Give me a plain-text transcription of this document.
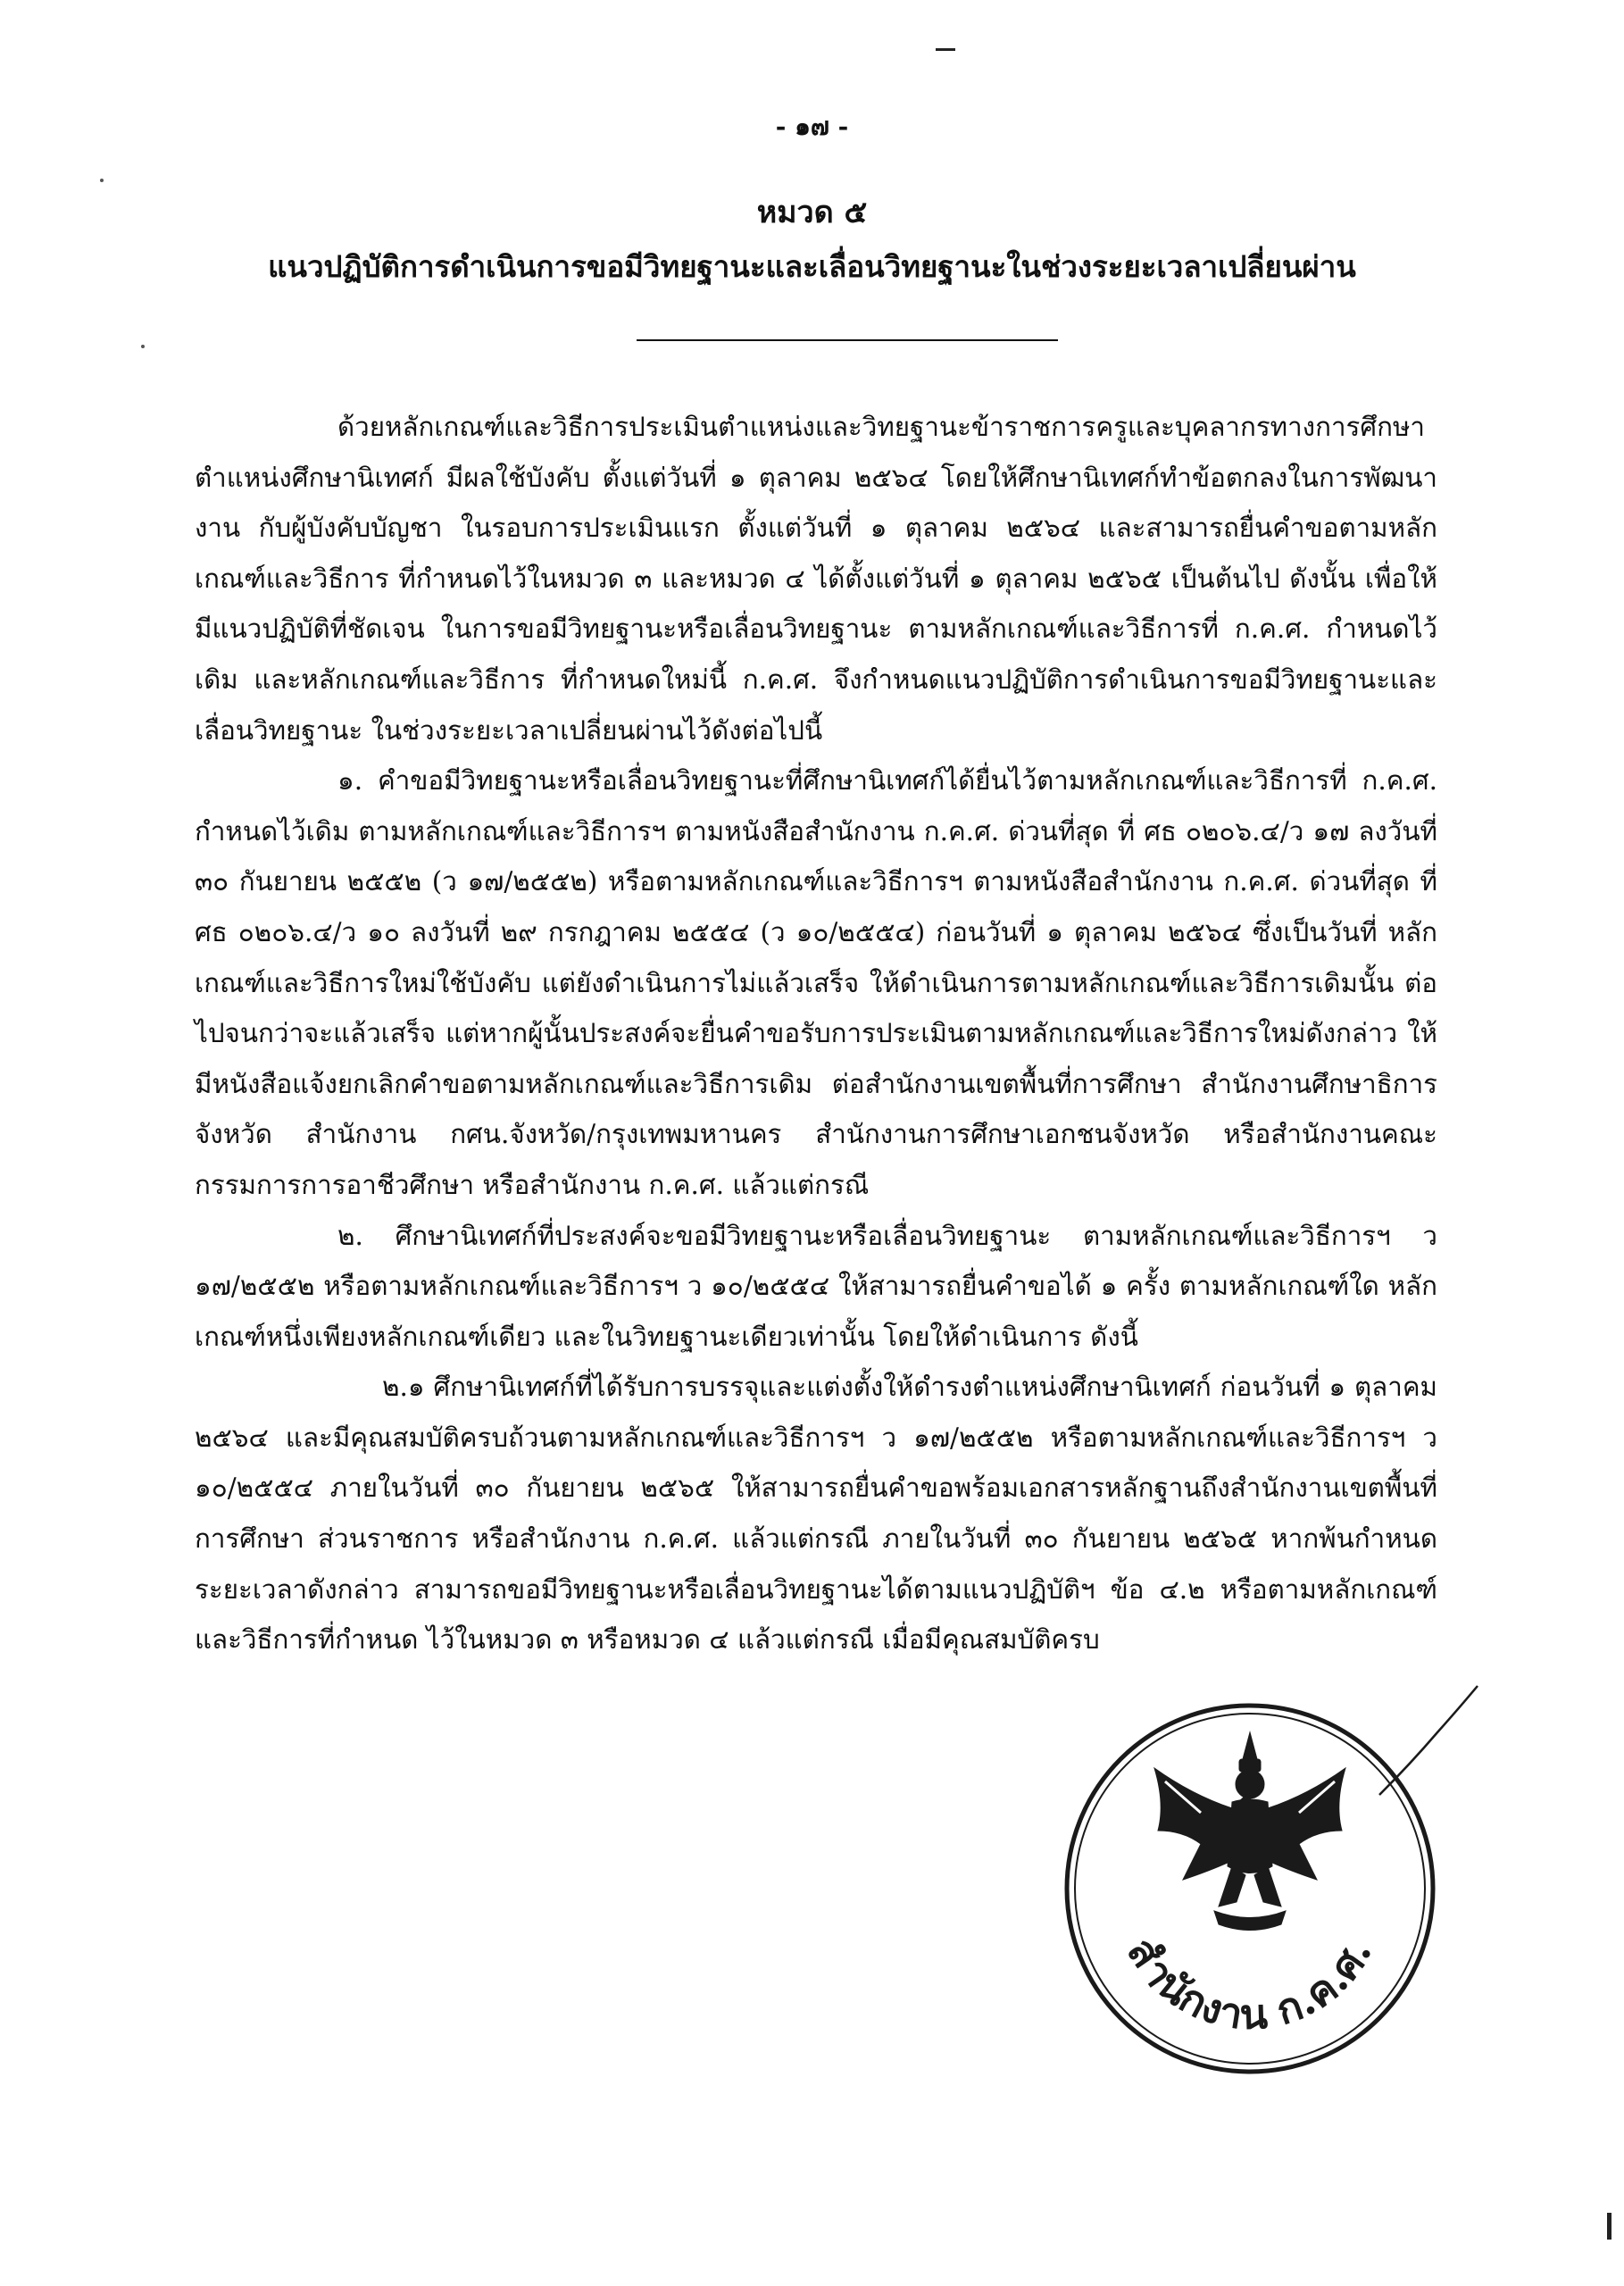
- ๑๗ -
หมวด ๕
แนวปฏิบัติการดำเนินการขอมีวิทยฐานะและเลื่อนวิทยฐานะในช่วงระยะเวลาเปลี่ยนผ่าน

ด้วยหลักเกณฑ์และวิธีการประเมินตำแหน่งและวิทยฐานะข้าราชการครูและบุคลากรทางการศึกษา ตำแหน่งศึกษานิเทศก์ มีผลใช้บังคับ ตั้งแต่วันที่ ๑ ตุลาคม ๒๕๖๔ โดยให้ศึกษานิเทศก์ทำข้อตกลงในการพัฒนางาน กับผู้บังคับบัญชา ในรอบการประเมินแรก ตั้งแต่วันที่ ๑ ตุลาคม ๒๕๖๔ และสามารถยื่นคำขอตามหลักเกณฑ์และวิธีการ ที่กำหนดไว้ในหมวด ๓ และหมวด ๔ ได้ตั้งแต่วันที่ ๑ ตุลาคม ๒๕๖๕ เป็นต้นไป ดังนั้น เพื่อให้มีแนวปฏิบัติที่ชัดเจน ในการขอมีวิทยฐานะหรือเลื่อนวิทยฐานะ ตามหลักเกณฑ์และวิธีการที่ ก.ค.ศ. กำหนดไว้เดิม และหลักเกณฑ์และวิธีการ ที่กำหนดใหม่นี้ ก.ค.ศ. จึงกำหนดแนวปฏิบัติการดำเนินการขอมีวิทยฐานะและเลื่อนวิทยฐานะ ในช่วงระยะเวลาเปลี่ยนผ่านไว้ดังต่อไปนี้

๑. คำขอมีวิทยฐานะหรือเลื่อนวิทยฐานะที่ศึกษานิเทศก์ได้ยื่นไว้ตามหลักเกณฑ์และวิธีการที่ ก.ค.ศ. กำหนดไว้เดิม ตามหลักเกณฑ์และวิธีการฯ ตามหนังสือสำนักงาน ก.ค.ศ. ด่วนที่สุด ที่ ศธ ๐๒๐๖.๔/ว ๑๗ ลงวันที่ ๓๐ กันยายน ๒๕๕๒ (ว ๑๗/๒๕๕๒) หรือตามหลักเกณฑ์และวิธีการฯ ตามหนังสือสำนักงาน ก.ค.ศ. ด่วนที่สุด ที่ ศธ ๐๒๐๖.๔/ว ๑๐ ลงวันที่ ๒๙ กรกฎาคม ๒๕๕๔ (ว ๑๐/๒๕๕๔) ก่อนวันที่ ๑ ตุลาคม ๒๕๖๔ ซึ่งเป็นวันที่ หลักเกณฑ์และวิธีการใหม่ใช้บังคับ แต่ยังดำเนินการไม่แล้วเสร็จ ให้ดำเนินการตามหลักเกณฑ์และวิธีการเดิมนั้น ต่อไปจนกว่าจะแล้วเสร็จ แต่หากผู้นั้นประสงค์จะยื่นคำขอรับการประเมินตามหลักเกณฑ์และวิธีการใหม่ดังกล่าว ให้มีหนังสือแจ้งยกเลิกคำขอตามหลักเกณฑ์และวิธีการเดิม ต่อสำนักงานเขตพื้นที่การศึกษา สำนักงานศึกษาธิการจังหวัด สำนักงาน กศน.จังหวัด/กรุงเทพมหานคร สำนักงานการศึกษาเอกชนจังหวัด หรือสำนักงานคณะกรรมการการอาชีวศึกษา หรือสำนักงาน ก.ค.ศ. แล้วแต่กรณี

๒. ศึกษานิเทศก์ที่ประสงค์จะขอมีวิทยฐานะหรือเลื่อนวิทยฐานะ ตามหลักเกณฑ์และวิธีการฯ ว ๑๗/๒๕๕๒ หรือตามหลักเกณฑ์และวิธีการฯ ว ๑๐/๒๕๕๔ ให้สามารถยื่นคำขอได้ ๑ ครั้ง ตามหลักเกณฑ์ใด หลักเกณฑ์หนึ่งเพียงหลักเกณฑ์เดียว และในวิทยฐานะเดียวเท่านั้น โดยให้ดำเนินการ ดังนี้

๒.๑ ศึกษานิเทศก์ที่ได้รับการบรรจุและแต่งตั้งให้ดำรงตำแหน่งศึกษานิเทศก์ ก่อนวันที่ ๑ ตุลาคม ๒๕๖๔ และมีคุณสมบัติครบถ้วนตามหลักเกณฑ์และวิธีการฯ ว ๑๗/๒๕๕๒ หรือตามหลักเกณฑ์และวิธีการฯ ว ๑๐/๒๕๕๔ ภายในวันที่ ๓๐ กันยายน ๒๕๖๕ ให้สามารถยื่นคำขอพร้อมเอกสารหลักฐานถึงสำนักงานเขตพื้นที่การศึกษา ส่วนราชการ หรือสำนักงาน ก.ค.ศ. แล้วแต่กรณี ภายในวันที่ ๓๐ กันยายน ๒๕๖๕ หากพ้นกำหนดระยะเวลาดังกล่าว สามารถขอมีวิทยฐานะหรือเลื่อนวิทยฐานะได้ตามแนวปฏิบัติฯ ข้อ ๔.๒ หรือตามหลักเกณฑ์และวิธีการที่กำหนด ไว้ในหมวด ๓ หรือหมวด ๔ แล้วแต่กรณี เมื่อมีคุณสมบัติครบ

สำนักงาน ก.ค.ศ.
